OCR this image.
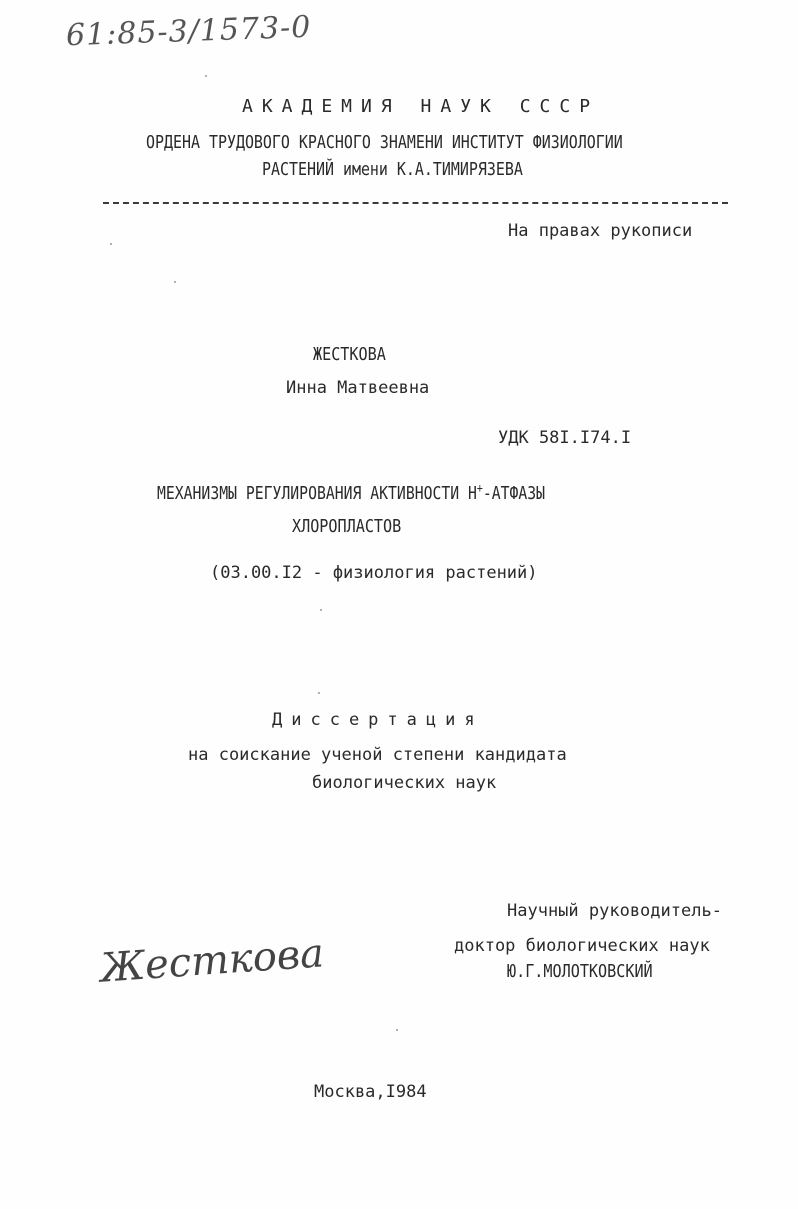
61:85-3/1573-0
АКАДЕМИЯ НАУК СССР
ОРДЕНА ТРУДОВОГО КРАСНОГО ЗНАМЕНИ ИНСТИТУТ ФИЗИОЛОГИИ
РАСТЕНИЙ имени К.А.ТИМИРЯЗЕВА
На правах рукописи
ЖЕСТКОВА
Инна Матвеевна
УДК 58I.I74.I
МЕХАНИЗМЫ РЕГУЛИРОВАНИЯ АКТИВНОСТИ Н+-АТФАЗЫ
ХЛОРОПЛАСТОВ
(03.00.I2 - физиология растений)
Диссертация
на соискание ученой степени кандидата
биологических наук
Научный руководитель-
доктор биологических наук
Ю.Г.МОЛОТКОВСКИЙ
Жесткова
Москва,I984
